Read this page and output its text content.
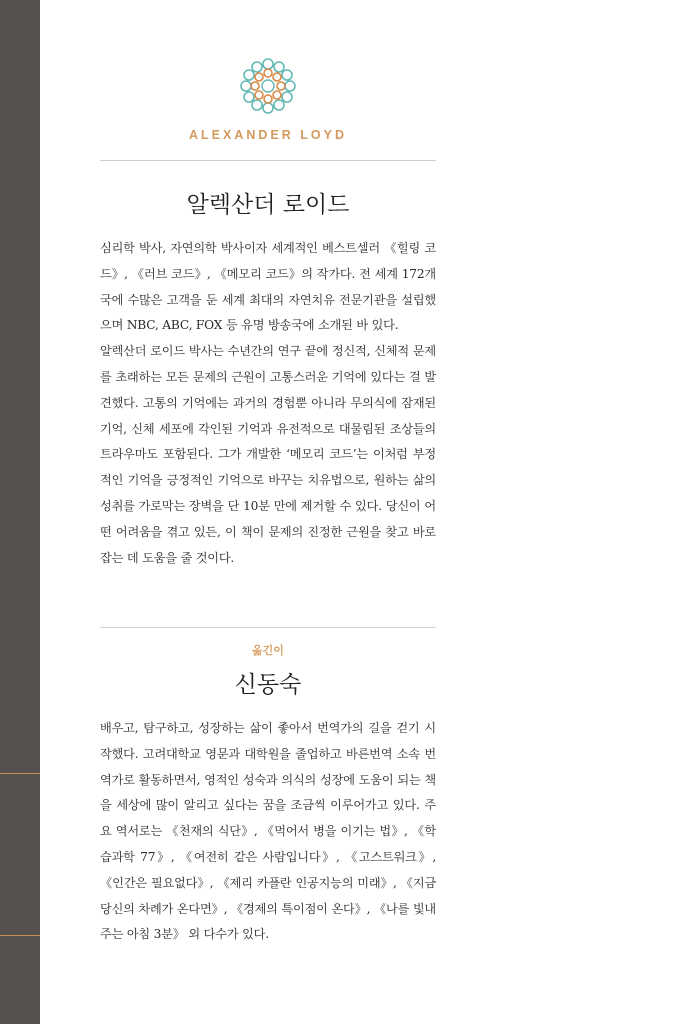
ALEXANDER LOYD
알렉산더 로이드

심리학 박사, 자연의학 박사이자 세계적인 베스트셀러 《힐링 코드》, 《러브 코드》, 《메모리 코드》의 작가다. 전 세계 172개국에 수많은 고객을 둔 세계 최대의 자연치유 전문기관을 설립했으며 NBC, ABC, FOX 등 유명 방송국에 소개된 바 있다.

알렉산더 로이드 박사는 수년간의 연구 끝에 정신적, 신체적 문제를 초래하는 모든 문제의 근원이 고통스러운 기억에 있다는 걸 발견했다. 고통의 기억에는 과거의 경험뿐 아니라 무의식에 잠재된 기억, 신체 세포에 각인된 기억과 유전적으로 대물림된 조상들의 트라우마도 포함된다. 그가 개발한 ‘메모리 코드’는 이처럼 부정적인 기억을 긍정적인 기억으로 바꾸는 치유법으로, 원하는 삶의 성취를 가로막는 장벽을 단 10분 만에 제거할 수 있다. 당신이 어떤 어려움을 겪고 있든, 이 책이 문제의 진정한 근원을 찾고 바로잡는 데 도움을 줄 것이다.

옮긴이
신동숙

배우고, 탐구하고, 성장하는 삶이 좋아서 번역가의 길을 걷기 시작했다. 고려대학교 영문과 대학원을 졸업하고 바른번역 소속 번역가로 활동하면서, 영적인 성숙과 의식의 성장에 도움이 되는 책을 세상에 많이 알리고 싶다는 꿈을 조금씩 이루어가고 있다. 주요 역서로는 《천재의 식단》, 《먹어서 병을 이기는 법》, 《학습과학 77》, 《여전히 같은 사람입니다》, 《고스트워크》, 《인간은 필요없다》, 《제리 카플란 인공지능의 미래》, 《지금 당신의 차례가 온다면》, 《경제의 특이점이 온다》, 《나를 빛내주는 아침 3분》 외 다수가 있다.
